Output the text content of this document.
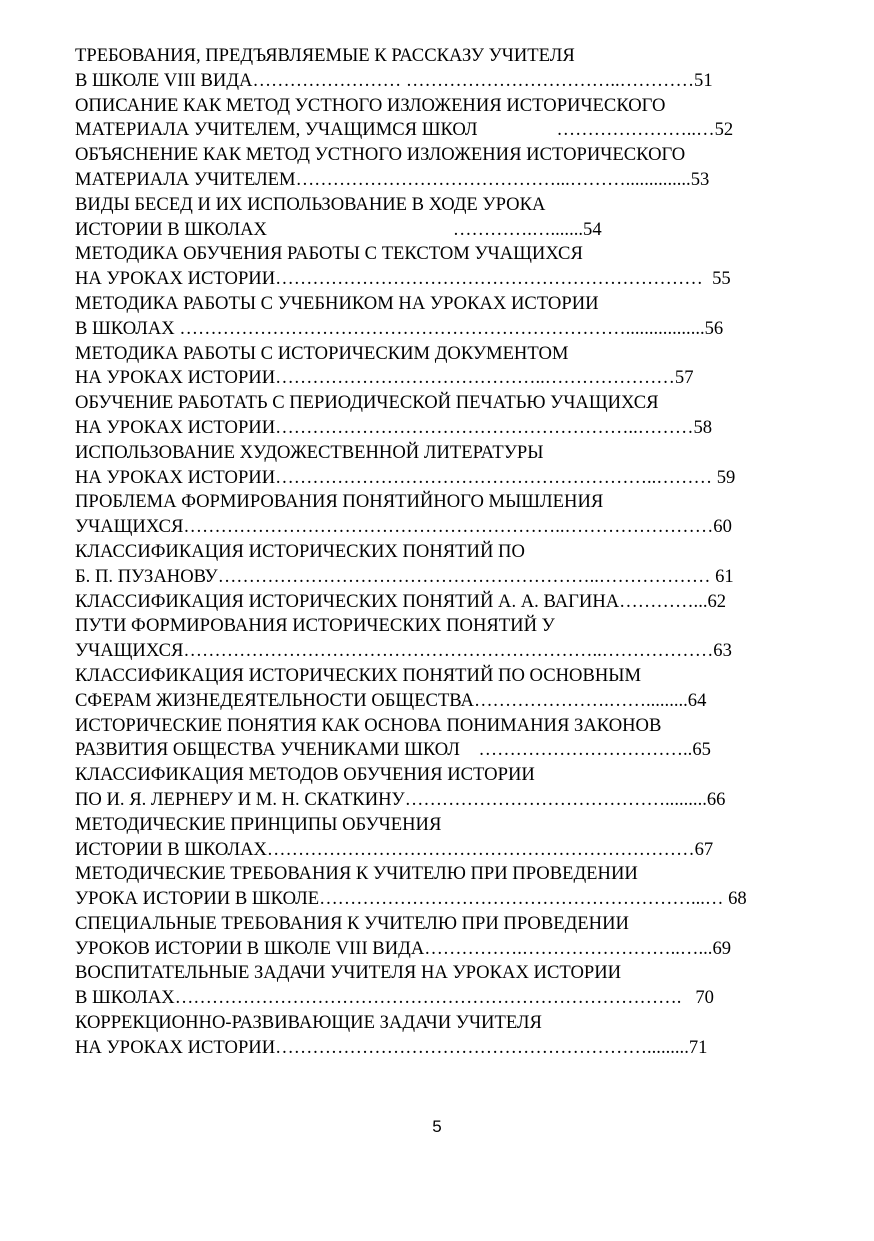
ТРЕБОВАНИЯ, ПРЕДЪЯВЛЯЕМЫЕ К РАССКАЗУ УЧИТЕЛЯ
В ШКОЛЕ VIII ВИДА…………………… ……………………………..…………51
ОПИСАНИЕ КАК МЕТОД УСТНОГО ИЗЛОЖЕНИЯ ИСТОРИЧЕСКОГО
МАТЕРИАЛА УЧИТЕЛЕМ, УЧАЩИМСЯ ШКОЛ                 …………………..…52
ОБЪЯСНЕНИЕ КАК МЕТОД УСТНОГО ИЗЛОЖЕНИЯ ИСТОРИЧЕСКОГО
МАТЕРИАЛА УЧИТЕЛЕМ……………………………………...………..............53
ВИДЫ БЕСЕД И ИХ ИСПОЛЬЗОВАНИЕ В ХОДЕ УРОКА
ИСТОРИИ В ШКОЛАХ                                        ………….….......54
МЕТОДИКА ОБУЧЕНИЯ РАБОТЫ С ТЕКСТОМ УЧАЩИХСЯ
НА УРОКАХ ИСТОРИИ……………………………………………………………  55
МЕТОДИКА РАБОТЫ С УЧЕБНИКОМ НА УРОКАХ ИСТОРИИ
В ШКОЛАХ ……………………………………………………………….................56
МЕТОДИКА РАБОТЫ С ИСТОРИЧЕСКИМ ДОКУМЕНТОМ
НА УРОКАХ ИСТОРИИ……………………………………..…………………57
ОБУЧЕНИЕ РАБОТАТЬ С ПЕРИОДИЧЕСКОЙ ПЕЧАТЬЮ УЧАЩИХСЯ
НА УРОКАХ ИСТОРИИ…………………………………………………..………58
ИСПОЛЬЗОВАНИЕ ХУДОЖЕСТВЕННОЙ ЛИТЕРАТУРЫ
НА УРОКАХ ИСТОРИИ……………………………………………………..……… 59
ПРОБЛЕМА ФОРМИРОВАНИЯ ПОНЯТИЙНОГО МЫШЛЕНИЯ
УЧАЩИХСЯ……………………………………………………..……………………60
КЛАССИФИКАЦИЯ ИСТОРИЧЕСКИХ ПОНЯТИЙ ПО
Б. П. ПУЗАНОВУ……………………………………………………..……………… 61
КЛАССИФИКАЦИЯ ИСТОРИЧЕСКИХ ПОНЯТИЙ А. А. ВАГИНА…………...62
ПУТИ ФОРМИРОВАНИЯ ИСТОРИЧЕСКИХ ПОНЯТИЙ У
УЧАЩИХСЯ…………………………………………………………..………………63
КЛАССИФИКАЦИЯ ИСТОРИЧЕСКИХ ПОНЯТИЙ ПО ОСНОВНЫМ
СФЕРАМ ЖИЗНЕДЕЯТЕЛЬНОСТИ ОБЩЕСТВА………………….…….........64
ИСТОРИЧЕСКИЕ ПОНЯТИЯ КАК ОСНОВА ПОНИМАНИЯ ЗАКОНОВ
РАЗВИТИЯ ОБЩЕСТВА УЧЕНИКАМИ ШКОЛ    ……………………………..65
КЛАССИФИКАЦИЯ МЕТОДОВ ОБУЧЕНИЯ ИСТОРИИ
ПО И. Я. ЛЕРНЕРУ И М. Н. СКАТКИНУ…………………………………….........66
МЕТОДИЧЕСКИЕ ПРИНЦИПЫ ОБУЧЕНИЯ
ИСТОРИИ В ШКОЛАХ……………………………………………………………67
МЕТОДИЧЕСКИЕ ТРЕБОВАНИЯ К УЧИТЕЛЮ ПРИ ПРОВЕДЕНИИ
УРОКА ИСТОРИИ В ШКОЛЕ……………………………………………………...… 68
СПЕЦИАЛЬНЫЕ ТРЕБОВАНИЯ К УЧИТЕЛЮ ПРИ ПРОВЕДЕНИИ
УРОКОВ ИСТОРИИ В ШКОЛЕ VIII ВИДА…………….……………………..…...69
ВОСПИТАТЕЛЬНЫЕ ЗАДАЧИ УЧИТЕЛЯ НА УРОКАХ ИСТОРИИ
В ШКОЛАХ……………………………………………………………………….   70
КОРРЕКЦИОННО-РАЗВИВАЮЩИЕ ЗАДАЧИ УЧИТЕЛЯ
НА УРОКАХ ИСТОРИИ…………………………………………………….........71
5
